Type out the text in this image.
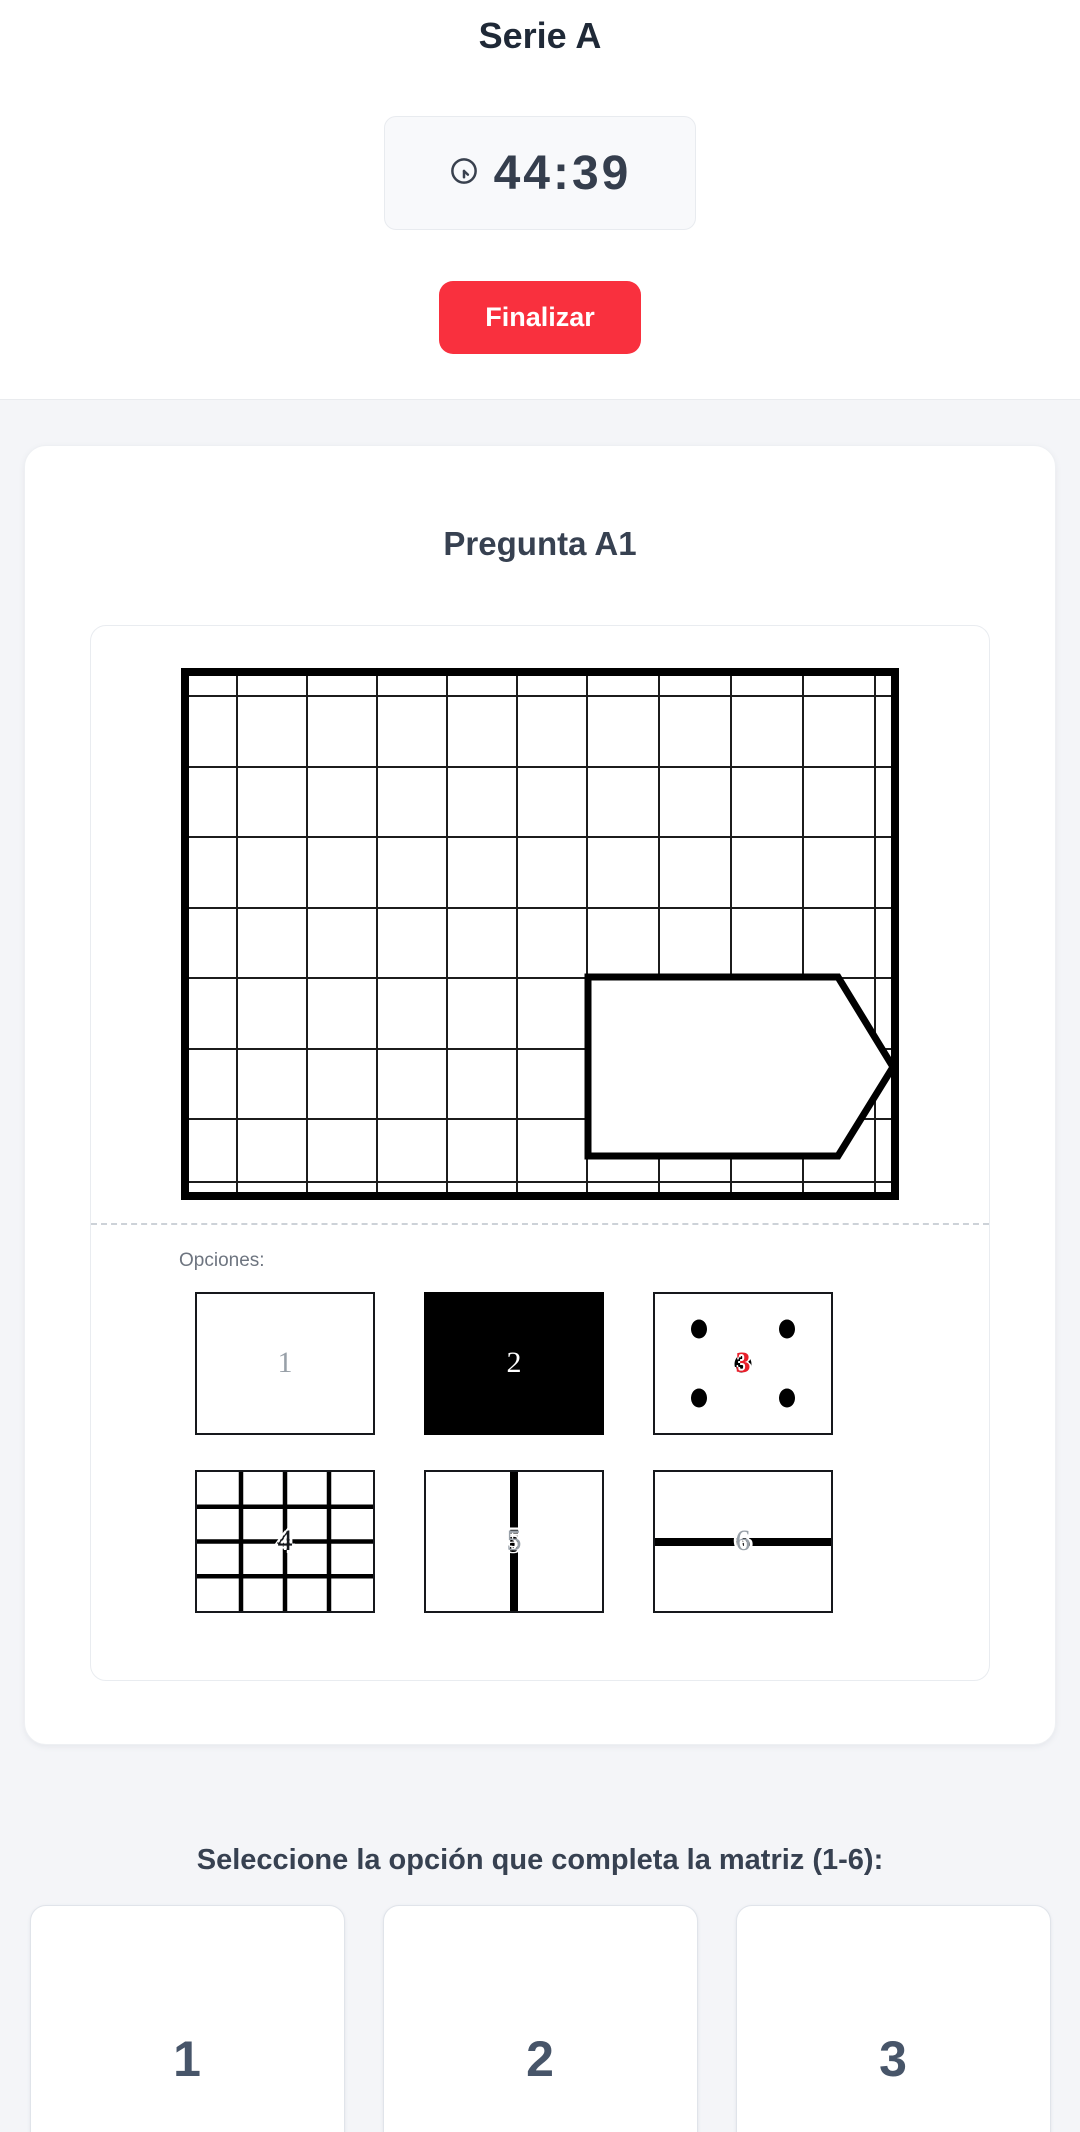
Serie A
44:39
Finalizar
Pregunta A1
Opciones:
1	2	3
4	5	6
Seleccione la opción que completa la matriz (1-6):
1	2	3
